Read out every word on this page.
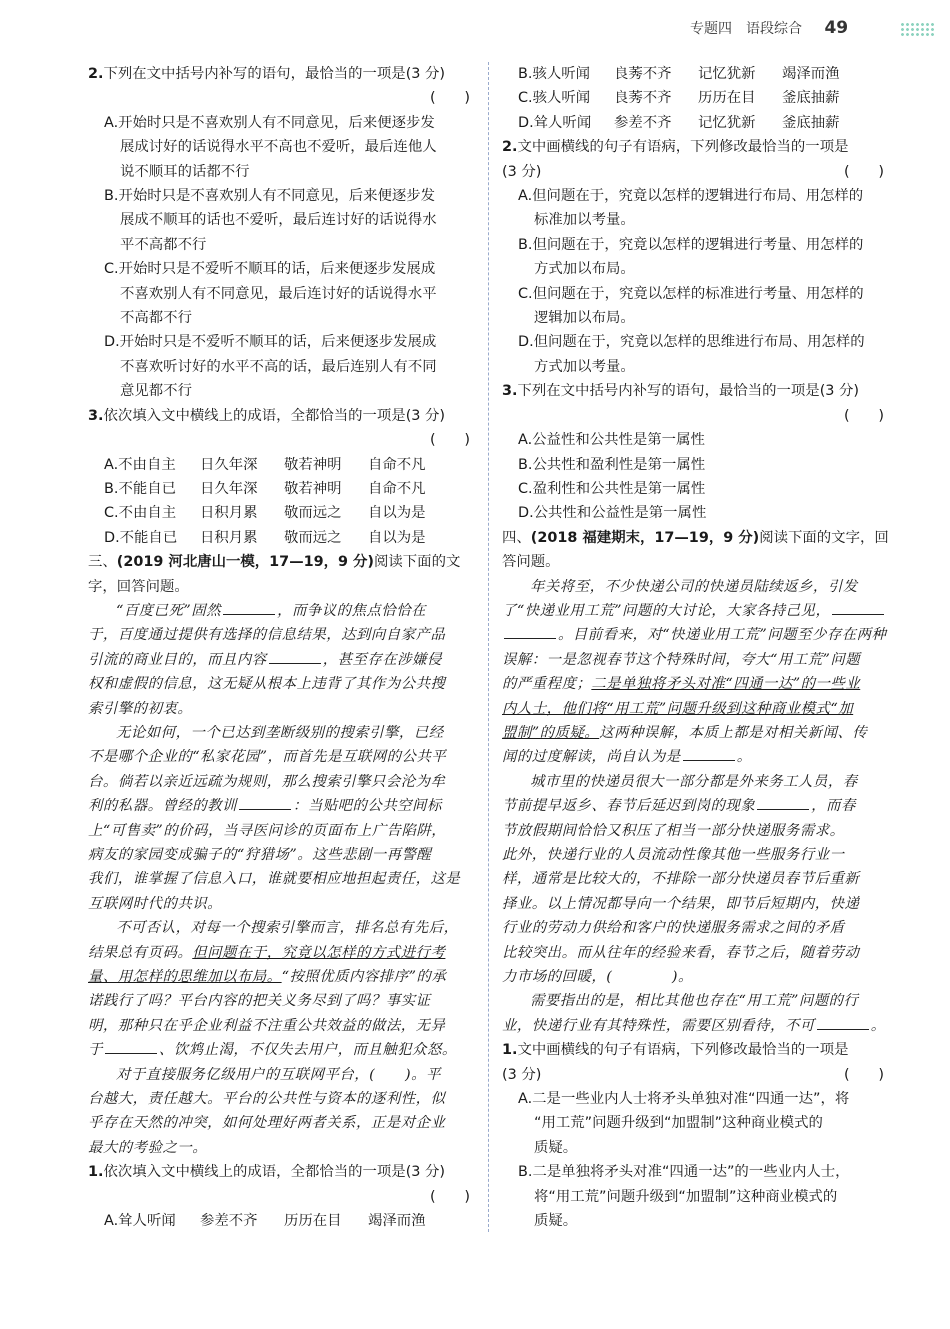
专题四　语段综合 49
2.下列在文中括号内补写的语句，最恰当的一项是(3 分)
(　　)
A.开始时只是不喜欢别人有不同意见，后来便逐步发
展成讨好的话说得水平不高也不爱听，最后连他人
说不顺耳的话都不行
B.开始时只是不喜欢别人有不同意见，后来便逐步发
展成不顺耳的话也不爱听，最后连讨好的话说得水
平不高都不行
C.开始时只是不爱听不顺耳的话，后来便逐步发展成
不喜欢别人有不同意见，最后连讨好的话说得水平
不高都不行
D.开始时只是不爱听不顺耳的话，后来便逐步发展成
不喜欢听讨好的水平不高的话，最后连别人有不同
意见都不行
3.依次填入文中横线上的成语，全都恰当的一项是(3 分)
(　　)
A.不由自主 日久年深 敬若神明 自命不凡
B.不能自已 日久年深 敬若神明 自命不凡
C.不由自主 日积月累 敬而远之 自以为是
D.不能自已 日积月累 敬而远之 自以为是
三、(2019 河北唐山一模，17—19，9 分)阅读下面的文
字，回答问题。
“百度已死”固然	，而争议的焦点恰恰在
于，百度通过提供有选择的信息结果，达到向自家产品
引流的商业目的，而且内容	，甚至存在涉嫌侵
权和虚假的信息，这无疑从根本上违背了其作为公共搜
索引擎的初衷。
无论如何，一个已达到垄断级别的搜索引擎，已经
不是哪个企业的“私家花园”，而首先是互联网的公共平
台。倘若以亲近远疏为规则，那么搜索引擎只会沦为牟
利的私器。曾经的教训	：当贴吧的公共空间标
上“可售卖”的价码，当寻医问诊的页面布上广告陷阱，
病友的家园变成骗子的“狩猎场”。这些悲剧一再警醒
我们，谁掌握了信息入口，谁就要相应地担起责任，这是
互联网时代的共识。
不可否认，对每一个搜索引擎而言，排名总有先后，
结果总有页码。但问题在于，究竟以怎样的方式进行考
量、用怎样的思维加以布局。“按照优质内容排序”的承
诺践行了吗？平台内容的把关义务尽到了吗？事实证
明，那种只在乎企业利益不注重公共效益的做法，无异
于	、饮鸩止渴，不仅失去用户，而且触犯众怒。
对于直接服务亿级用户的互联网平台，(　　)。平
台越大，责任越大。平台的公共性与资本的逐利性，似
乎存在天然的冲突，如何处理好两者关系，正是对企业
最大的考验之一。
1.依次填入文中横线上的成语，全都恰当的一项是(3 分)
(　　)
A.耸人听闻 参差不齐 历历在目 竭泽而渔
B.骇人听闻 良莠不齐 记忆犹新 竭泽而渔
C.骇人听闻 良莠不齐 历历在目 釜底抽薪
D.耸人听闻 参差不齐 记忆犹新 釜底抽薪
2.文中画横线的句子有语病，下列修改最恰当的一项是
(3 分)	(　　)
A.但问题在于，究竟以怎样的逻辑进行布局、用怎样的
标准加以考量。
B.但问题在于，究竟以怎样的逻辑进行考量、用怎样的
方式加以布局。
C.但问题在于，究竟以怎样的标准进行考量、用怎样的
逻辑加以布局。
D.但问题在于，究竟以怎样的思维进行布局、用怎样的
方式加以考量。
3.下列在文中括号内补写的语句，最恰当的一项是(3 分)
(　　)
A.公益性和公共性是第一属性
B.公共性和盈利性是第一属性
C.盈利性和公共性是第一属性
D.公共性和公益性是第一属性
四、(2018 福建期末，17—19，9 分)阅读下面的文字，回
答问题。
年关将至，不少快递公司的快递员陆续返乡，引发
了“快递业用工荒”问题的大讨论，大家各持己见，
。目前看来，对“快递业用工荒”问题至少存在两种
误解：一是忽视春节这个特殊时间，夸大“用工荒”问题
的严重程度；二是单独将矛头对准“四通一达”的一些业
内人士，他们将“用工荒”问题升级到这种商业模式“加
盟制”的质疑。这两种误解，本质上都是对相关新闻、传
闻的过度解读，尚自认为是	。
城市里的快递员很大一部分都是外来务工人员，春
节前提早返乡、春节后延迟到岗的现象	，而春
节放假期间恰恰又积压了相当一部分快递服务需求。
此外，快递行业的人员流动性像其他一些服务行业一
样，通常是比较大的，不排除一部分快递员春节后重新
择业。以上情况都导向一个结果，即节后短期内，快递
行业的劳动力供给和客户的快递服务需求之间的矛盾
比较突出。而从往年的经验来看，春节之后，随着劳动
力市场的回暖，(　　　　)。
需要指出的是，相比其他也存在“用工荒”问题的行
业，快递行业有其特殊性，需要区别看待，不可	。
1.文中画横线的句子有语病，下列修改最恰当的一项是
(3 分)	(　　)
A.二是一些业内人士将矛头单独对准“四通一达”，将
“用工荒”问题升级到“加盟制”这种商业模式的
质疑。
B.二是单独将矛头对准“四通一达”的一些业内人士，
将“用工荒”问题升级到“加盟制”这种商业模式的
质疑。
